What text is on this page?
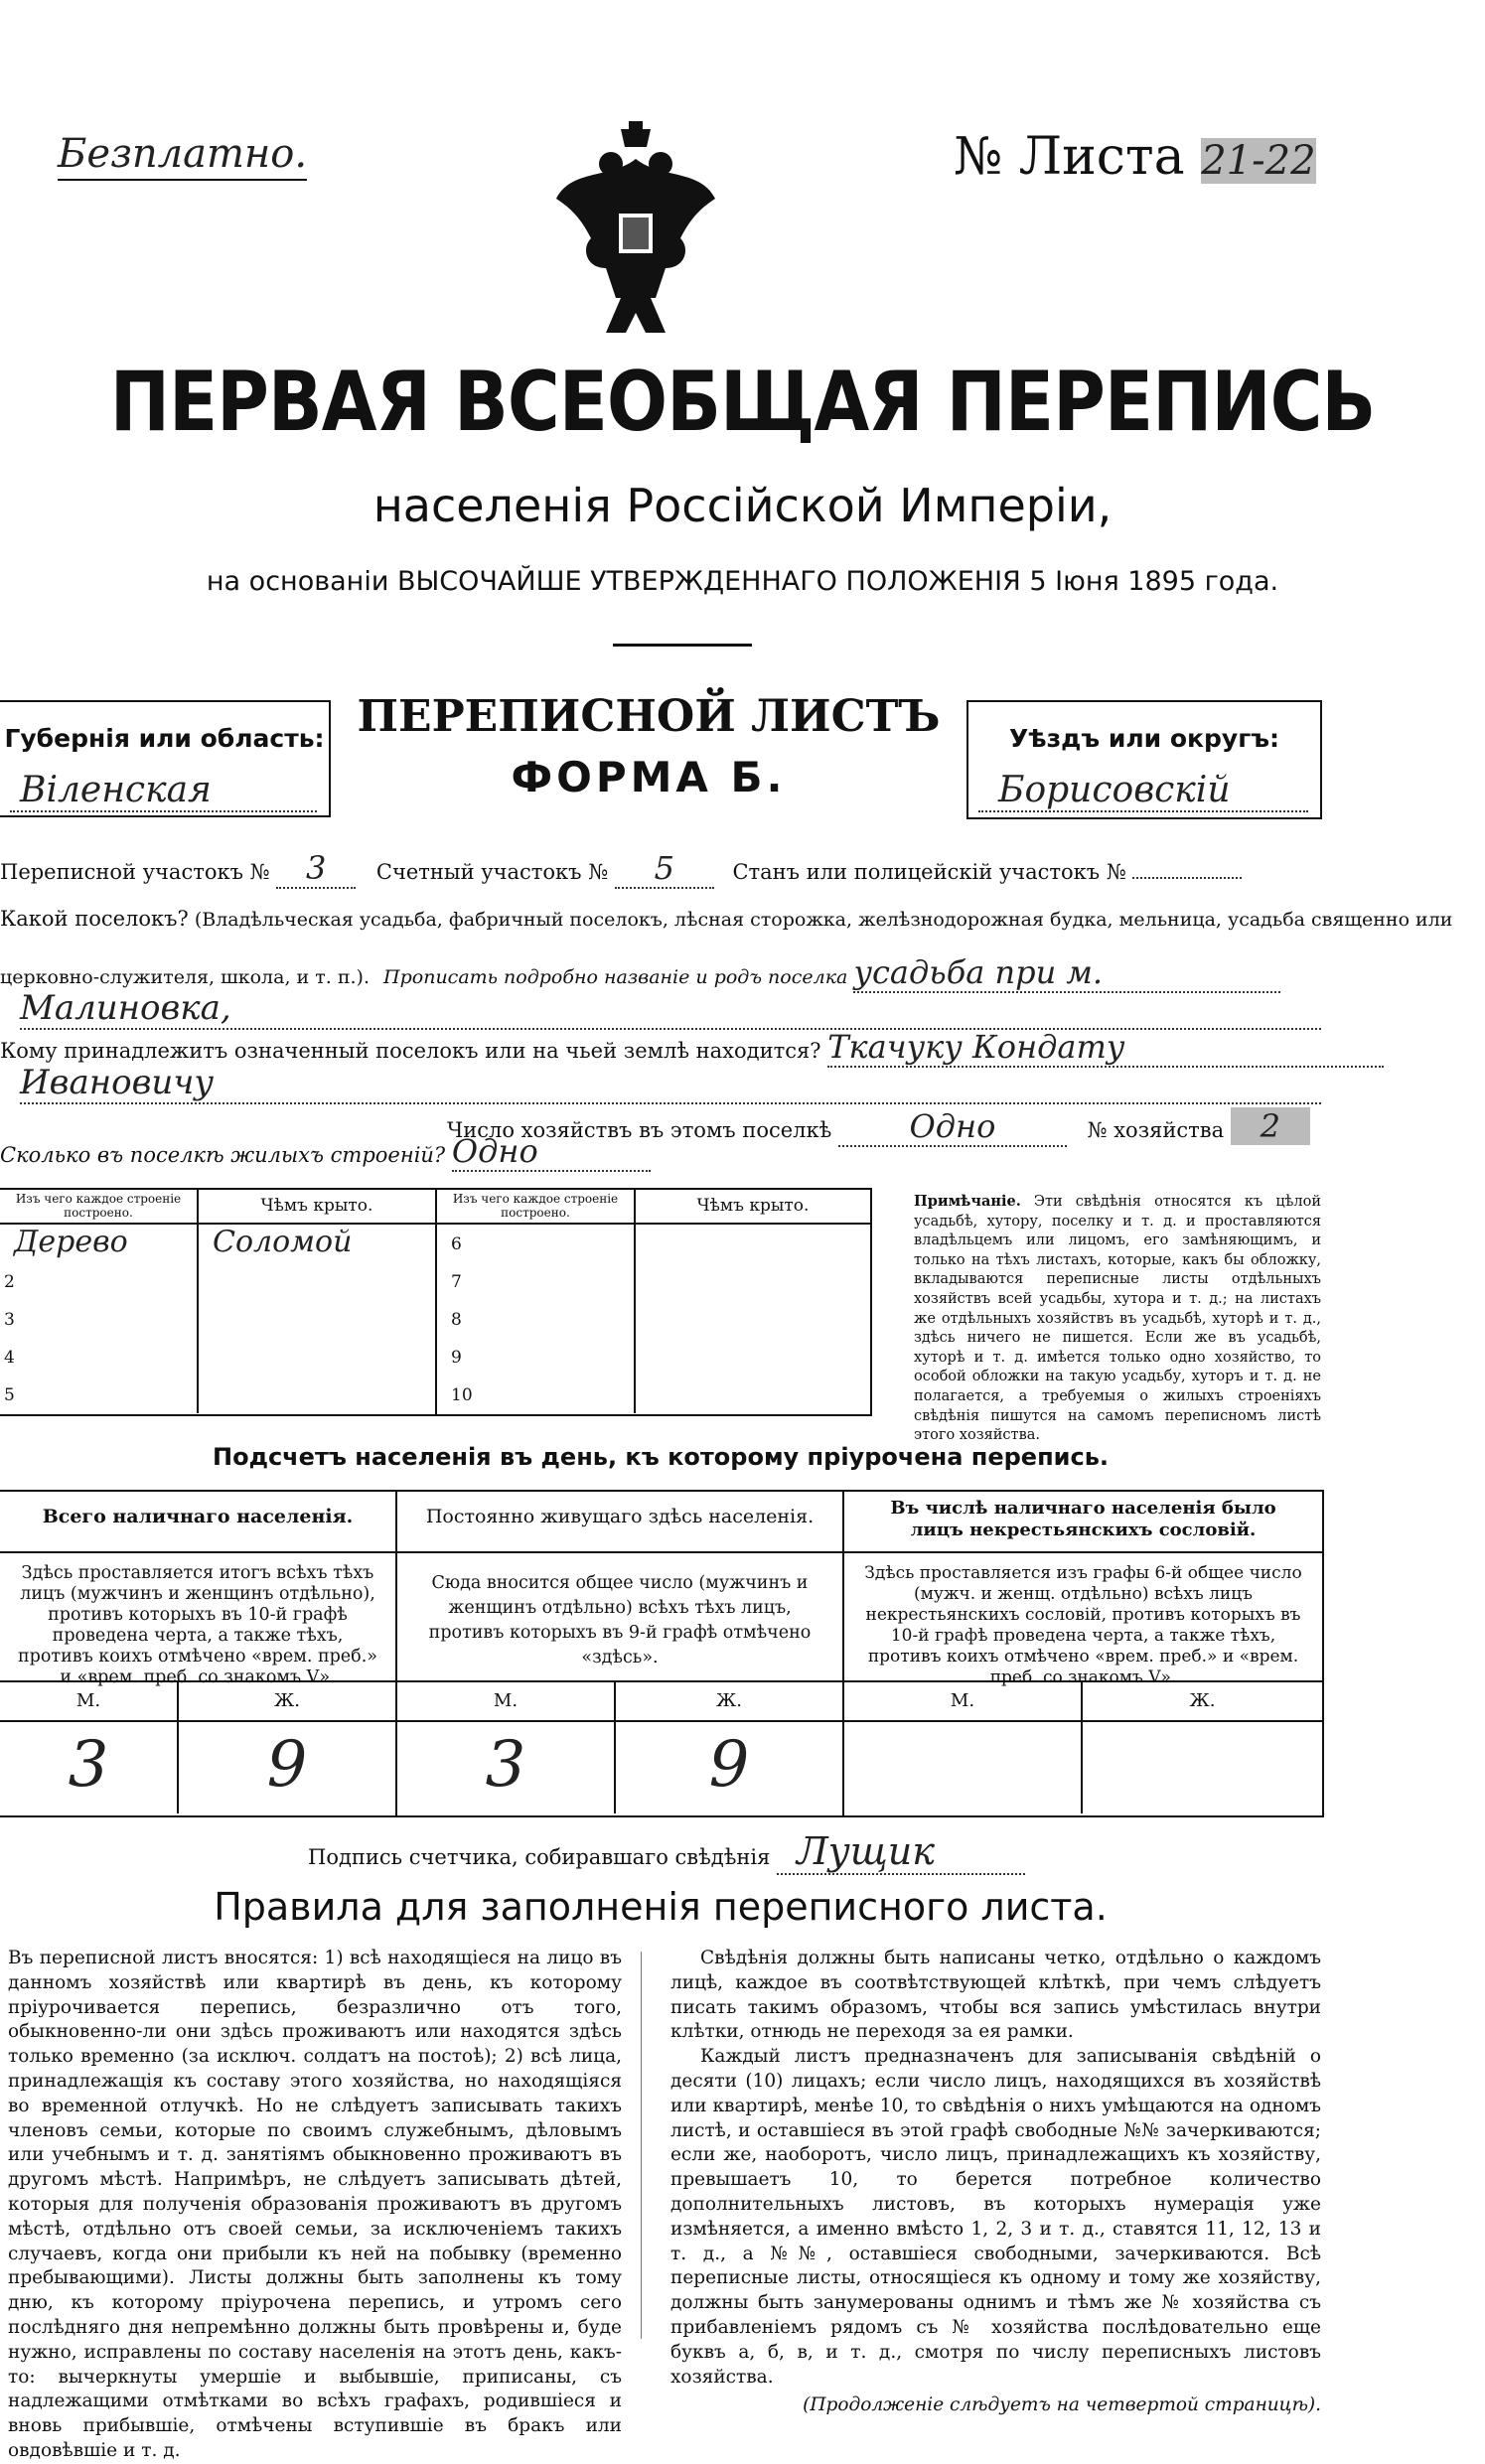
Безплатно.	№ Листа 21-22
ПЕРВАЯ ВСЕОБЩАЯ ПЕРЕПИСЬ
населенія Россійской Имперіи,
на основаніи ВЫСОЧАЙШЕ УТВЕРЖДЕННАГО ПОЛОЖЕНІЯ 5 Іюня 1895 года.
Губернія или область:
Віленская
ПЕРЕПИСНОЙ ЛИСТЪ
ФОРМА Б.
Уѣздъ или округъ:
Борисовскій
Переписной участокъ № 3 Счетный участокъ № 5	Станъ или полицейскій участокъ №
Какой поселокъ? (Владѣльческая усадьба, фабричный поселокъ, лѣсная сторожка, желѣзнодорожная будка, мельница, усадьба священно или
церковно-служителя, школа, и т. п.). Прописать подробно названіе и родъ поселка усадьба при м.
Малиновка,
Кому принадлежитъ означенный поселокъ или на чьей землѣ находится? Ткачуку Кондату
Ивановичу
Число хозяйствъ въ этомъ поселкѣ Одно	№ хозяйства 2
Сколько въ поселкѣ жилыхъ строеній? Одно
Изъ чего каждое строеніе построено.	Чѣмъ крыто.
Дерево	Соломой
2
3
4
5
Изъ чего каждое строеніе построено.	Чѣмъ крыто.
6
7
8
9
10
Примѣчаніе. Эти свѣдѣнія относятся къ цѣлой усадьбѣ, хутору, поселку и т. д. и проставляются владѣльцемъ или лицомъ, его замѣняющимъ, и только на тѣхъ листахъ, которые, какъ бы обложку, вкладываются переписные листы отдѣльныхъ хозяйствъ всей усадьбы, хутора и т. д.; на листахъ же отдѣльныхъ хозяйствъ въ усадьбѣ, хуторѣ и т. д., здѣсь ничего не пишется. Если же въ усадьбѣ, хуторѣ и т. д. имѣется только одно хозяйство, то особой обложки на такую усадьбу, хуторъ и т. д. не полагается, а требуемыя о жилыхъ строеніяхъ свѣдѣнія пишутся на самомъ переписномъ листѣ этого хозяйства.
Подсчетъ населенія въ день, къ которому пріурочена перепись.
Всего наличнаго населенія.
Здѣсь проставляется итогъ всѣхъ тѣхъ лицъ (мужчинъ и женщинъ отдѣльно), противъ которыхъ въ 10-й графѣ проведена черта, а также тѣхъ, противъ коихъ отмѣчено «врем. преб.» и «врем. преб. со знакомъ V».
М.	Ж.
3	9
Постоянно живущаго здѣсь населенія.
Сюда вносится общее число (мужчинъ и женщинъ отдѣльно) всѣхъ тѣхъ лицъ, противъ которыхъ въ 9-й графѣ отмѣчено «здѣсь».
М.	Ж.
3	9
Въ числѣ наличнаго населенія было лицъ некрестьянскихъ сословій.
Здѣсь проставляется изъ графы 6-й общее число (мужч. и женщ. отдѣльно) всѣхъ лицъ некрестьянскихъ сословій, противъ которыхъ въ 10-й графѣ проведена черта, а также тѣхъ, противъ коихъ отмѣчено «врем. преб.» и «врем. преб. со знакомъ V».
М.	Ж.
Подпись счетчика, собиравшаго свѣдѣнія Лущик
Правила для заполненія переписного листа.
Въ переписной листъ вносятся: 1) всѣ находящіеся на лицо въ данномъ хозяйствѣ или квартирѣ въ день, къ которому пріурочивается перепись, безразлично отъ того, обыкновенно-ли они здѣсь проживаютъ или находятся здѣсь только временно (за исключ. солдатъ на постоѣ); 2) всѣ лица, принадлежащія къ составу этого хозяйства, но находящіяся во временной отлучкѣ. Но не слѣдуетъ записывать такихъ членовъ семьи, которые по своимъ служебнымъ, дѣловымъ или учебнымъ и т. д. занятіямъ обыкновенно проживаютъ въ другомъ мѣстѣ. Напримѣръ, не слѣдуетъ записывать дѣтей, которыя для полученія образованія проживаютъ въ другомъ мѣстѣ, отдѣльно отъ своей семьи, за исключеніемъ такихъ случаевъ, когда они прибыли къ ней на побывку (временно пребывающими). Листы должны быть заполнены къ тому дню, къ которому пріурочена перепись, и утромъ сего послѣдняго дня непремѣнно должны быть провѣрены и, буде нужно, исправлены по составу населенія на этотъ день, какъ-то: вычеркнуты умершіе и выбывшіе, приписаны, съ надлежащими отмѣтками во всѣхъ графахъ, родившіеся и вновь прибывшіе, отмѣчены вступившіе въ бракъ или овдовѣвшіе и т. д.
Свѣдѣнія должны быть написаны четко, отдѣльно о каждомъ лицѣ, каждое въ соотвѣтствующей клѣткѣ, при чемъ слѣдуетъ писать такимъ образомъ, чтобы вся запись умѣстилась внутри клѣтки, отнюдь не переходя за ея рамки.
Каждый листъ предназначенъ для записыванія свѣдѣній о десяти (10) лицахъ; если число лицъ, находящихся въ хозяйствѣ или квартирѣ, менѣе 10, то свѣдѣнія о нихъ умѣщаются на одномъ листѣ, и оставшіеся въ этой графѣ свободные №№ зачеркиваются; если же, наоборотъ, число лицъ, принадлежащихъ къ хозяйству, превышаетъ 10, то берется потребное количество дополнительныхъ листовъ, въ которыхъ нумерація уже измѣняется, а именно вмѣсто 1, 2, 3 и т. д., ставятся 11, 12, 13 и т. д., а №№, оставшіеся свободными, зачеркиваются. Всѣ переписные листы, относящіеся къ одному и тому же хозяйству, должны быть занумерованы однимъ и тѣмъ же № хозяйства съ прибавленіемъ рядомъ съ № хозяйства послѣдовательно еще буквъ а, б, в, и т. д., смотря по числу переписныхъ листовъ хозяйства.
(Продолженіе слѣдуетъ на четвертой страницѣ).
